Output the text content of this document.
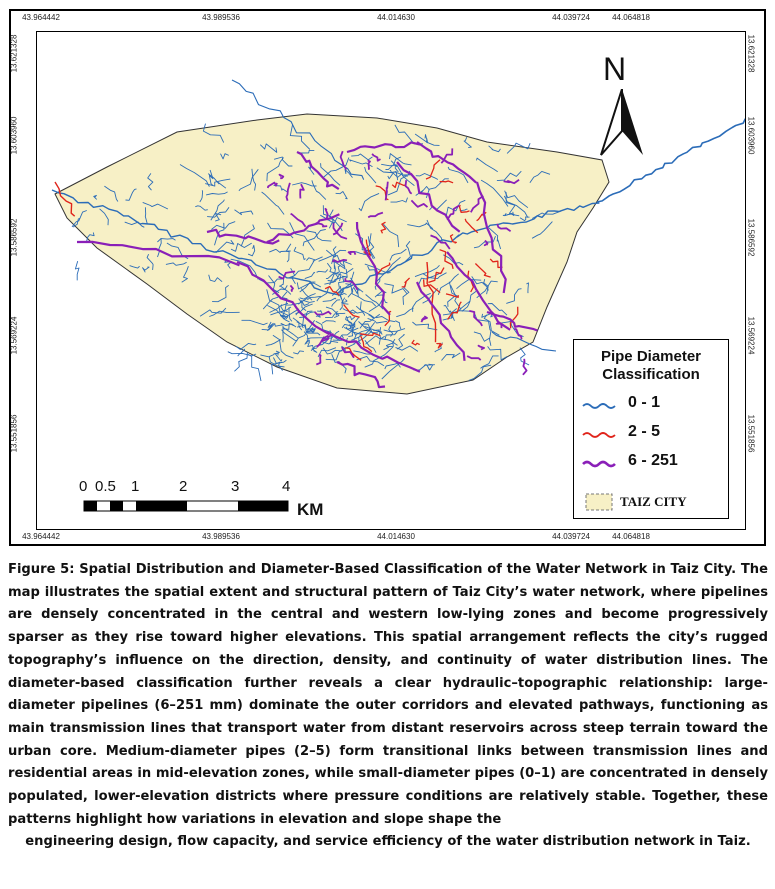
43.964442	43.989536	44.014630	44.039724	44.064818
43.964442	43.989536	44.014630	44.039724	44.064818
13.621328
13.603960
13.586592
13.569224
13.551856
13.621328
13.603960
13.586592
13.569224
13.551856
N
Pipe Diameter
Classification
0 - 1
2 - 5
6 - 251
TAIZ CITY
0 0.5 1	2	3	4
KM
Figure 5: Spatial Distribution and Diameter-Based Classification of the Water Network in Taiz City. The map illustrates the spatial extent and structural pattern of Taiz City’s water network, where pipelines are densely concentrated in the central and western low-lying zones and become progressively sparser as they rise toward higher elevations. This spatial arrangement reflects the city’s rugged topography’s influence on the direction, density, and continuity of water distribution lines. The diameter-based classification further reveals a clear hydraulic–topographic relationship: large-diameter pipelines (6–251 mm) dominate the outer corridors and elevated pathways, functioning as main transmission lines that transport water from distant reservoirs across steep terrain toward the urban core. Medium-diameter pipes (2–5) form transitional links between transmission lines and residential areas in mid-elevation zones, while small-diameter pipes (0–1) are concentrated in densely populated, lower-elevation districts where pressure conditions are relatively stable. Together, these patterns highlight how variations in elevation and slope shape the
engineering design, flow capacity, and service efficiency of the water distribution network in Taiz.
